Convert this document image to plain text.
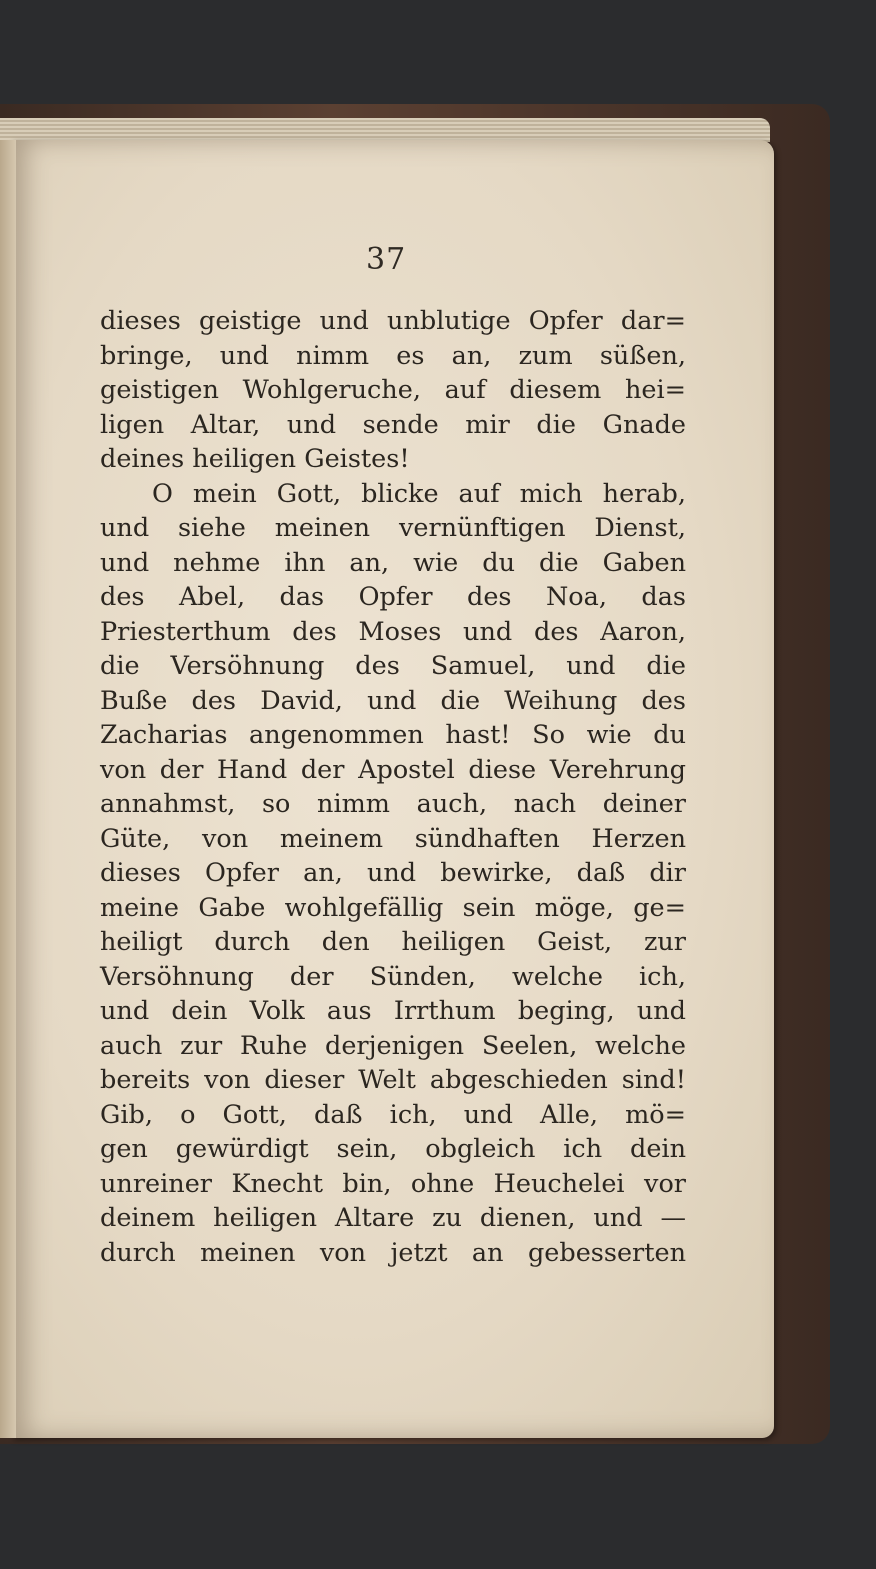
37
dieses geistige und unblutige Opfer dar=
bringe, und nimm es an, zum süßen,
geistigen Wohlgeruche, auf diesem hei=
ligen Altar, und sende mir die Gnade
deines heiligen Geistes!
O mein Gott, blicke auf mich herab,
und siehe meinen vernünftigen Dienst,
und nehme ihn an, wie du die Gaben
des Abel, das Opfer des Noa, das
Priesterthum des Moses und des Aaron,
die Versöhnung des Samuel, und die
Buße des David, und die Weihung des
Zacharias angenommen hast! So wie du
von der Hand der Apostel diese Verehrung
annahmst, so nimm auch, nach deiner
Güte, von meinem sündhaften Herzen
dieses Opfer an, und bewirke, daß dir
meine Gabe wohlgefällig sein möge, ge=
heiligt durch den heiligen Geist, zur
Versöhnung der Sünden, welche ich,
und dein Volk aus Irrthum beging, und
auch zur Ruhe derjenigen Seelen, welche
bereits von dieser Welt abgeschieden sind!
Gib, o Gott, daß ich, und Alle, mö=
gen gewürdigt sein, obgleich ich dein
unreiner Knecht bin, ohne Heuchelei vor
deinem heiligen Altare zu dienen, und —
durch meinen von jetzt an gebesserten
